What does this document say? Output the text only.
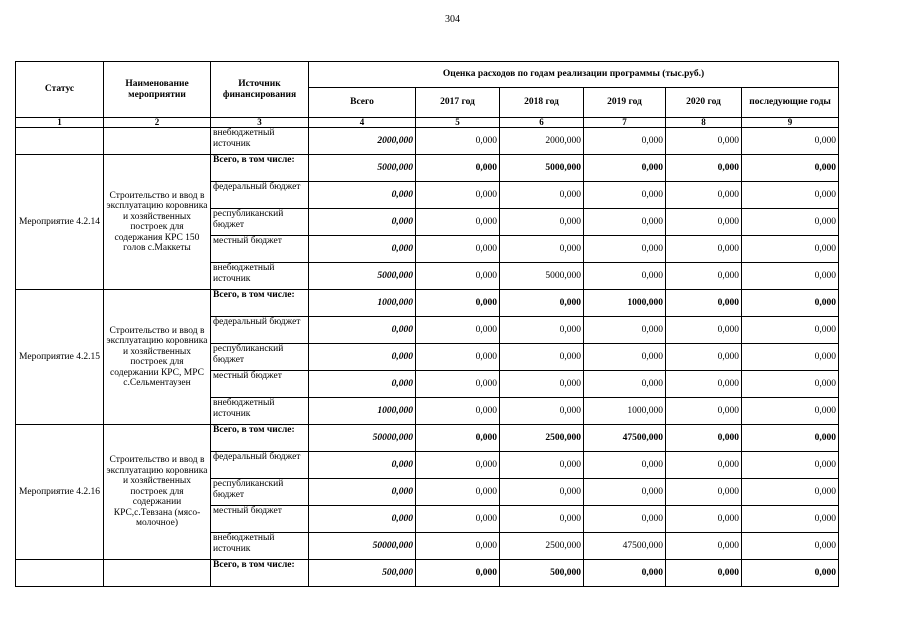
304
Статус	Наименование мероприятии	Источник финансирования	Оценка расходов по годам реализации программы (тыс.руб.)					
			Всего	2017 год	2018 год	2019 год	2020 год	последующие годы
1	2	3	4	5	6	7	8	9
		внебюджетный источник	2000,000	0,000	2000,000	0,000	0,000	0,000
Мероприятие 4.2.14	Строительство и ввод в эксплуатацию коровника и хозяйственных построек для содержания КРС 150 голов с.Маккеты	Всего, в том числе:	5000,000	0,000	5000,000	0,000	0,000	0,000
		федеральный бюджет	0,000	0,000	0,000	0,000	0,000	0,000
		республиканский бюджет	0,000	0,000	0,000	0,000	0,000	0,000
		местный бюджет	0,000	0,000	0,000	0,000	0,000	0,000
		внебюджетный источник	5000,000	0,000	5000,000	0,000	0,000	0,000
Мероприятие 4.2.15	Строительство и ввод в эксплуатацию коровника и хозяйственных построек для содержании КРС, МРС с.Сельментаузен	Всего, в том числе:	1000,000	0,000	0,000	1000,000	0,000	0,000
		федеральный бюджет	0,000	0,000	0,000	0,000	0,000	0,000
		республиканский бюджет	0,000	0,000	0,000	0,000	0,000	0,000
		местный бюджет	0,000	0,000	0,000	0,000	0,000	0,000
		внебюджетный источник	1000,000	0,000	0,000	1000,000	0,000	0,000
Мероприятие 4.2.16	Строительство и ввод в эксплуатацию коровника и хозяйственных построек для содержании КРС,с.Тевзана (мясо-молочное)	Всего, в том числе:	50000,000	0,000	2500,000	47500,000	0,000	0,000
		федеральный бюджет	0,000	0,000	0,000	0,000	0,000	0,000
		республиканский бюджет	0,000	0,000	0,000	0,000	0,000	0,000
		местный бюджет	0,000	0,000	0,000	0,000	0,000	0,000
		внебюджетный источник	50000,000	0,000	2500,000	47500,000	0,000	0,000
		Всего, в том числе:	500,000	0,000	500,000	0,000	0,000	0,000
